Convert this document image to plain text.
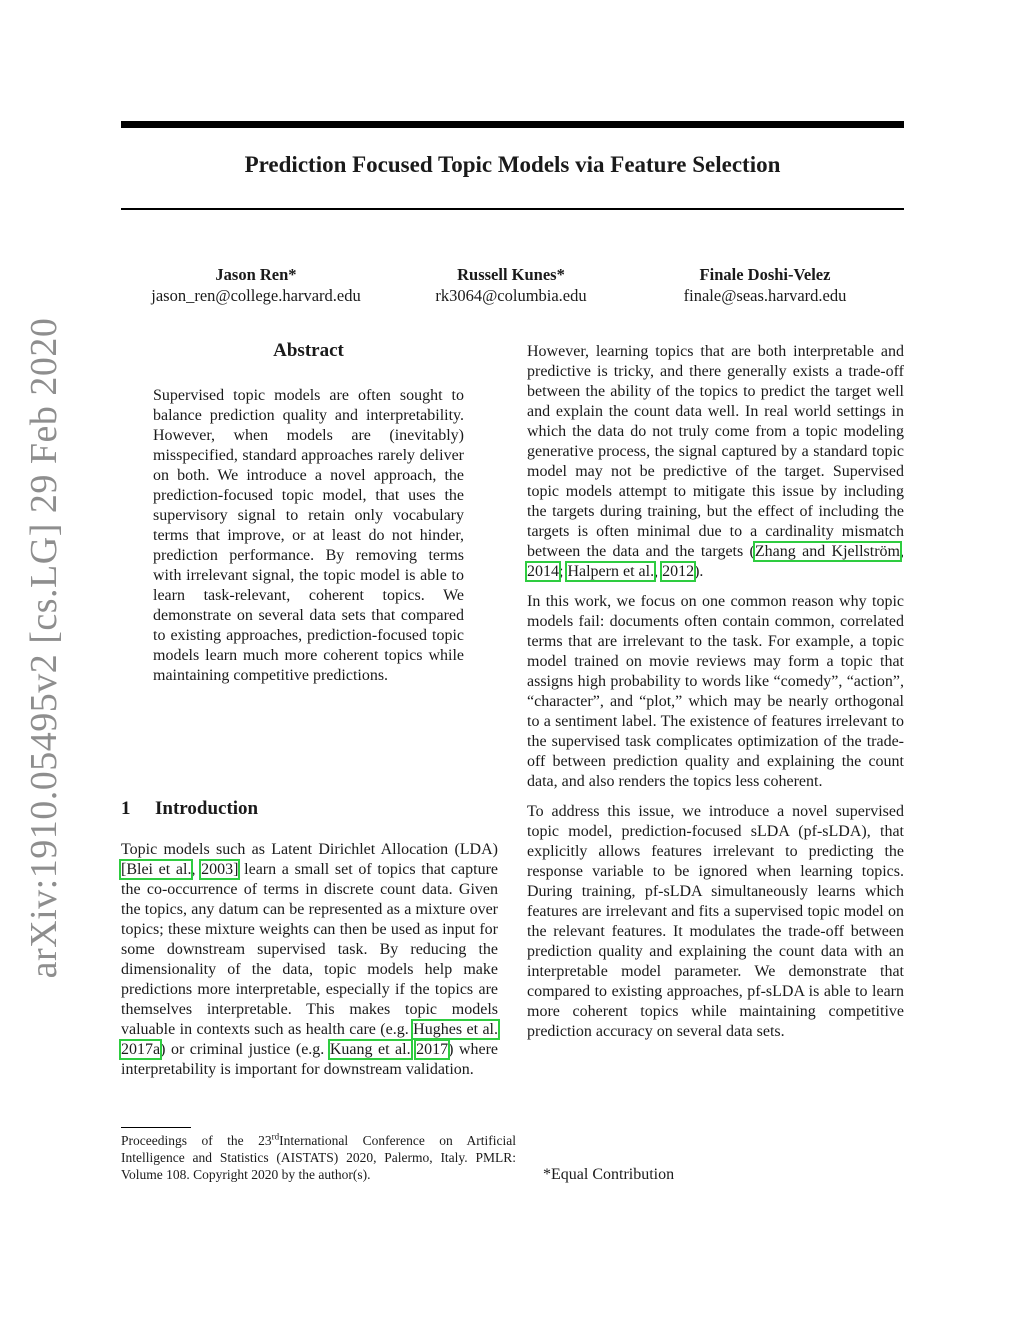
arXiv:1910.05495v2 [cs.LG] 29 Feb 2020
Prediction Focused Topic Models via Feature Selection
Jason Ren*
jason_ren@college.harvard.edu
Russell Kunes*
rk3064@columbia.edu
Finale Doshi-Velez
finale@seas.harvard.edu
Abstract

Supervised topic models are often sought to balance prediction quality and interpretability. However, when models are (inevitably) misspecified, standard approaches rarely deliver on both. We introduce a novel approach, the prediction-focused topic model, that uses the supervisory signal to retain only vocabulary terms that improve, or at least do not hinder, prediction performance. By removing terms with irrelevant signal, the topic model is able to learn task-relevant, coherent topics. We demonstrate on several data sets that compared to existing approaches, prediction-focused topic models learn much more coherent topics while maintaining competitive predictions.

1 Introduction

Topic models such as Latent Dirichlet Allocation (LDA) [Blei et al., 2003] learn a small set of topics that capture the co-occurrence of terms in discrete count data. Given the topics, any datum can be represented as a mixture over topics; these mixture weights can then be used as input for some downstream supervised task. By reducing the dimensionality of the data, topic models help make predictions more interpretable, especially if the topics are themselves interpretable. This makes topic models valuable in contexts such as health care (e.g. Hughes et al. 2017a) or criminal justice (e.g. Kuang et al. 2017) where interpretability is important for downstream validation.

Proceedings of the 23rdInternational Conference on Artificial Intelligence and Statistics (AISTATS) 2020, Palermo, Italy. PMLR: Volume 108. Copyright 2020 by the author(s).

However, learning topics that are both interpretable and predictive is tricky, and there generally exists a trade-off between the ability of the topics to predict the target well and explain the count data well. In real world settings in which the data do not truly come from a topic modeling generative process, the signal captured by a standard topic model may not be predictive of the target. Supervised topic models attempt to mitigate this issue by including the targets during training, but the effect of including the targets is often minimal due to a cardinality mismatch between the data and the targets (Zhang and Kjellström, 2014; Halpern et al., 2012).

In this work, we focus on one common reason why topic models fail: documents often contain common, correlated terms that are irrelevant to the task. For example, a topic model trained on movie reviews may form a topic that assigns high probability to words like “comedy”, “action”, “character”, and “plot,” which may be nearly orthogonal to a sentiment label. The existence of features irrelevant to the supervised task complicates optimization of the trade-off between prediction quality and explaining the count data, and also renders the topics less coherent.

To address this issue, we introduce a novel supervised topic model, prediction-focused sLDA (pf-sLDA), that explicitly allows features irrelevant to predicting the response variable to be ignored when learning topics. During training, pf-sLDA simultaneously learns which features are irrelevant and fits a supervised topic model on the relevant features. It modulates the trade-off between prediction quality and explaining the count data with an interpretable model parameter. We demonstrate that compared to existing approaches, pf-sLDA is able to learn more coherent topics while maintaining competitive prediction accuracy on several data sets.

*Equal Contribution
